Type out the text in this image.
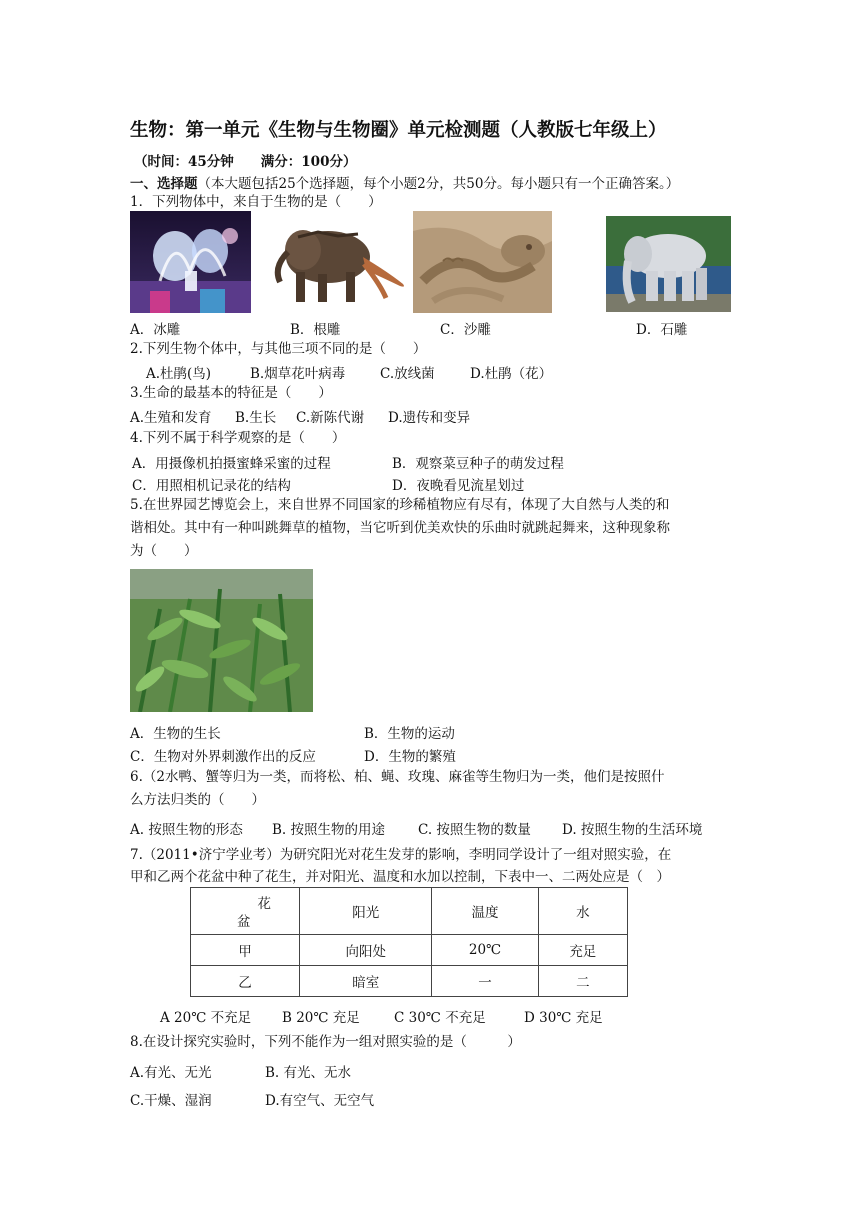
生物：第一单元《生物与生物圈》单元检测题（人教版七年级上）
（时间：45分钟　　满分：100分）
一、选择题（本大题包括25个选择题，每个小题2分，共50分。每小题只有一个正确答案。）
1．下列物体中，来自于生物的是（　　）
A．冰雕	B．根雕	C．沙雕	D．石雕
2.下列生物个体中，与其他三项不同的是（　　）
A.杜鹃(鸟)	B.烟草花叶病毒	C.放线菌	D.杜鹃（花）
3.生命的最基本的特征是（　　）
A.生殖和发育 B.生长 C.新陈代谢 D.遗传和变异
4.下列不属于科学观察的是（　　）
A．用摄像机拍摄蜜蜂采蜜的过程	B．观察菜豆种子的萌发过程
C．用照相机记录花的结构	D．夜晚看见流星划过
5.在世界园艺博览会上，来自世界不同国家的珍稀植物应有尽有，体现了大自然与人类的和
谐相处。其中有一种叫跳舞草的植物，当它听到优美欢快的乐曲时就跳起舞来，这种现象称
为（　　）
A．生物的生长	B．生物的运动
C．生物对外界刺激作出的反应	D．生物的繁殖
6.（2水鸭、蟹等归为一类，而将松、柏、蝇、玫瑰、麻雀等生物归为一类，他们是按照什
么方法归类的（　　）
A. 按照生物的形态 B. 按照生物的用途 C. 按照生物的数量 D. 按照生物的生活环境
7.（2011•济宁学业考）为研究阳光对花生发芽的影响，李明同学设计了一组对照实验，在
甲和乙两个花盆中种了花生，并对阳光、温度和水加以控制，下表中一、二两处应是（　）
花
盆	阳光	温度	水
甲	向阳处	20℃	充足
乙	暗室	一	二
A 20℃ 不充足 B 20℃ 充足	C 30℃ 不充足	D 30℃ 充足
8.在设计探究实验时，下列不能作为一组对照实验的是（　　　）
A.有光、无光	B. 有光、无水
C.干燥、湿润	D.有空气、无空气
